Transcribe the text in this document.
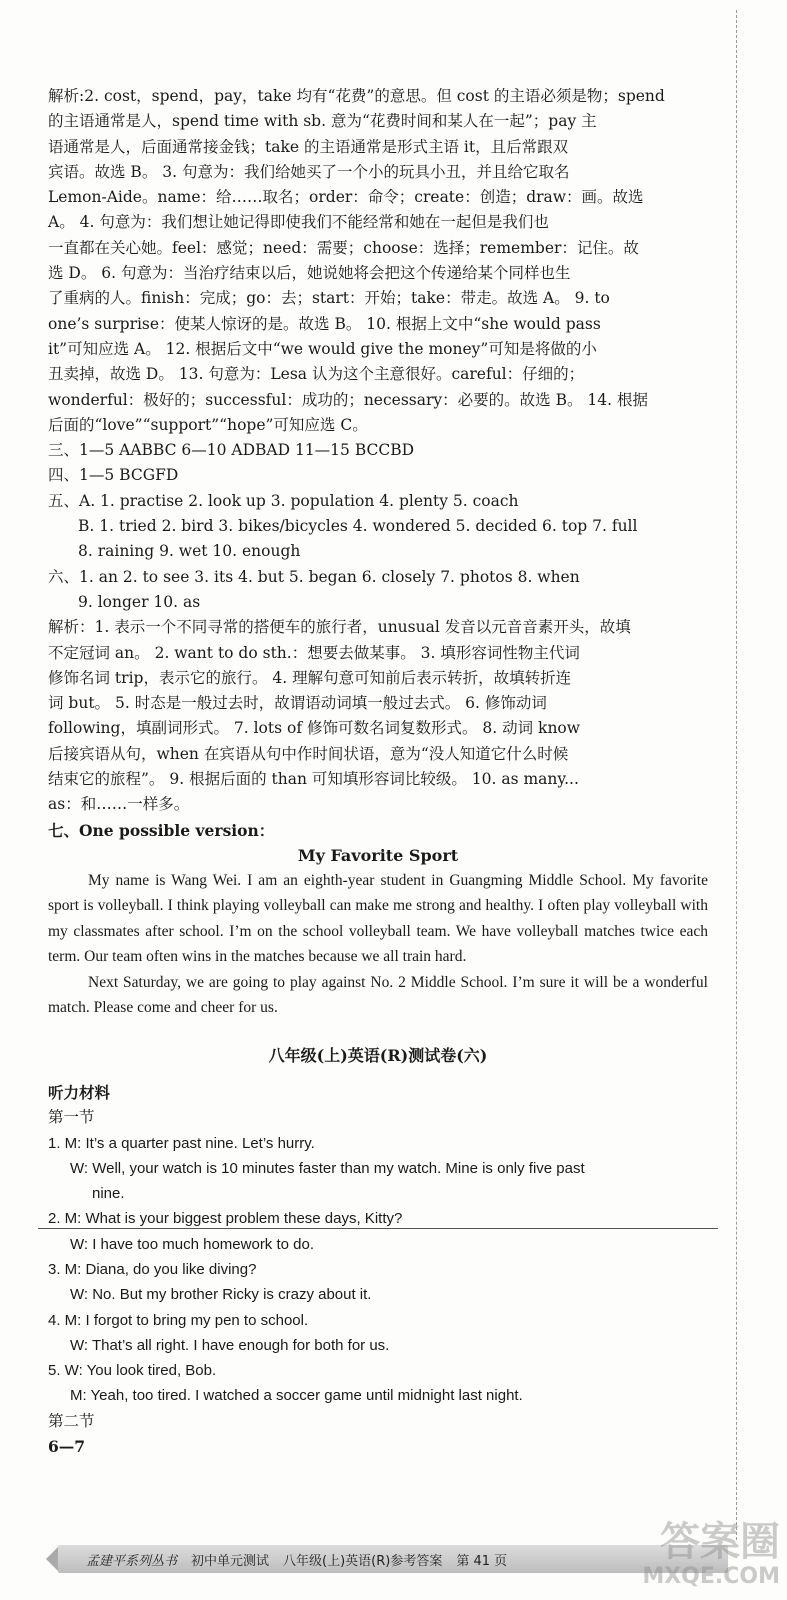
解析:2. cost，spend，pay，take 均有“花费”的意思。但 cost 的主语必须是物；spend
的主语通常是人，spend time with sb. 意为“花费时间和某人在一起”；pay 主
语通常是人，后面通常接金钱；take 的主语通常是形式主语 it，且后常跟双
宾语。故选 B。 3. 句意为：我们给她买了一个小的玩具小丑，并且给它取名
Lemon-Aide。name：给……取名；order：命令；create：创造；draw：画。故选
A。 4. 句意为：我们想让她记得即使我们不能经常和她在一起但是我们也
一直都在关心她。feel：感觉；need：需要；choose：选择；remember：记住。故
选 D。 6. 句意为：当治疗结束以后，她说她将会把这个传递给某个同样也生
了重病的人。finish：完成；go：去；start：开始；take：带走。故选 A。 9. to
one’s surprise：使某人惊讶的是。故选 B。 10. 根据上文中“she would pass
it”可知应选 A。 12. 根据后文中“we would give the money”可知是将做的小
丑卖掉，故选 D。 13. 句意为：Lesa 认为这个主意很好。careful：仔细的；
wonderful：极好的；successful：成功的；necessary：必要的。故选 B。 14. 根据
后面的“love”“support”“hope”可知应选 C。
三、1—5 AABBC 6—10 ADBAD 11—15 BCCBD
四、1—5 BCGFD
五、A. 1. practise 2. look up 3. population 4. plenty 5. coach
B. 1. tried 2. bird 3. bikes/bicycles 4. wondered 5. decided 6. top 7. full
8. raining 9. wet 10. enough
六、1. an 2. to see 3. its 4. but 5. began 6. closely 7. photos 8. when
9. longer 10. as
解析：1. 表示一个不同寻常的搭便车的旅行者，unusual 发音以元音音素开头，故填
不定冠词 an。 2. want to do sth.：想要去做某事。 3. 填形容词性物主代词
修饰名词 trip，表示它的旅行。 4. 理解句意可知前后表示转折，故填转折连
词 but。 5. 时态是一般过去时，故谓语动词填一般过去式。 6. 修饰动词
following，填副词形式。 7. lots of 修饰可数名词复数形式。 8. 动词 know
后接宾语从句，when 在宾语从句中作时间状语，意为“没人知道它什么时候
结束它的旅程”。 9. 根据后面的 than 可知填形容词比较级。 10. as many...
as：和……一样多。
七、One possible version：
My Favorite Sport

My name is Wang Wei. I am an eighth-year student in Guangming Middle School. My favorite sport is volleyball. I think playing volleyball can make me strong and healthy. I often play volleyball with my classmates after school. I’m on the school volleyball team. We have volleyball matches twice each term. Our team often wins in the matches because we all train hard.

Next Saturday, we are going to play against No. 2 Middle School. I’m sure it will be a wonderful match. Please come and cheer for us.

八年级(上)英语(R)测试卷(六)
听力材料
第一节
1. M: It’s a quarter past nine. Let’s hurry.
W: Well, your watch is 10 minutes faster than my watch. Mine is only five past
nine.
2. M: What is your biggest problem these days, Kitty?
W: I have too much homework to do.
3. M: Diana, do you like diving?
W: No. But my brother Ricky is crazy about it.
4. M: I forgot to bring my pen to school.
W: That’s all right. I have enough for both for us.
5. W: You look tired, Bob.
M: Yeah, too tired. I watched a soccer game until midnight last night.
第二节
6—7
孟建平系列丛书 初中单元测试 八年级(上)英语(R)参考答案 第 41 页	答案圈
MXQE.COM
